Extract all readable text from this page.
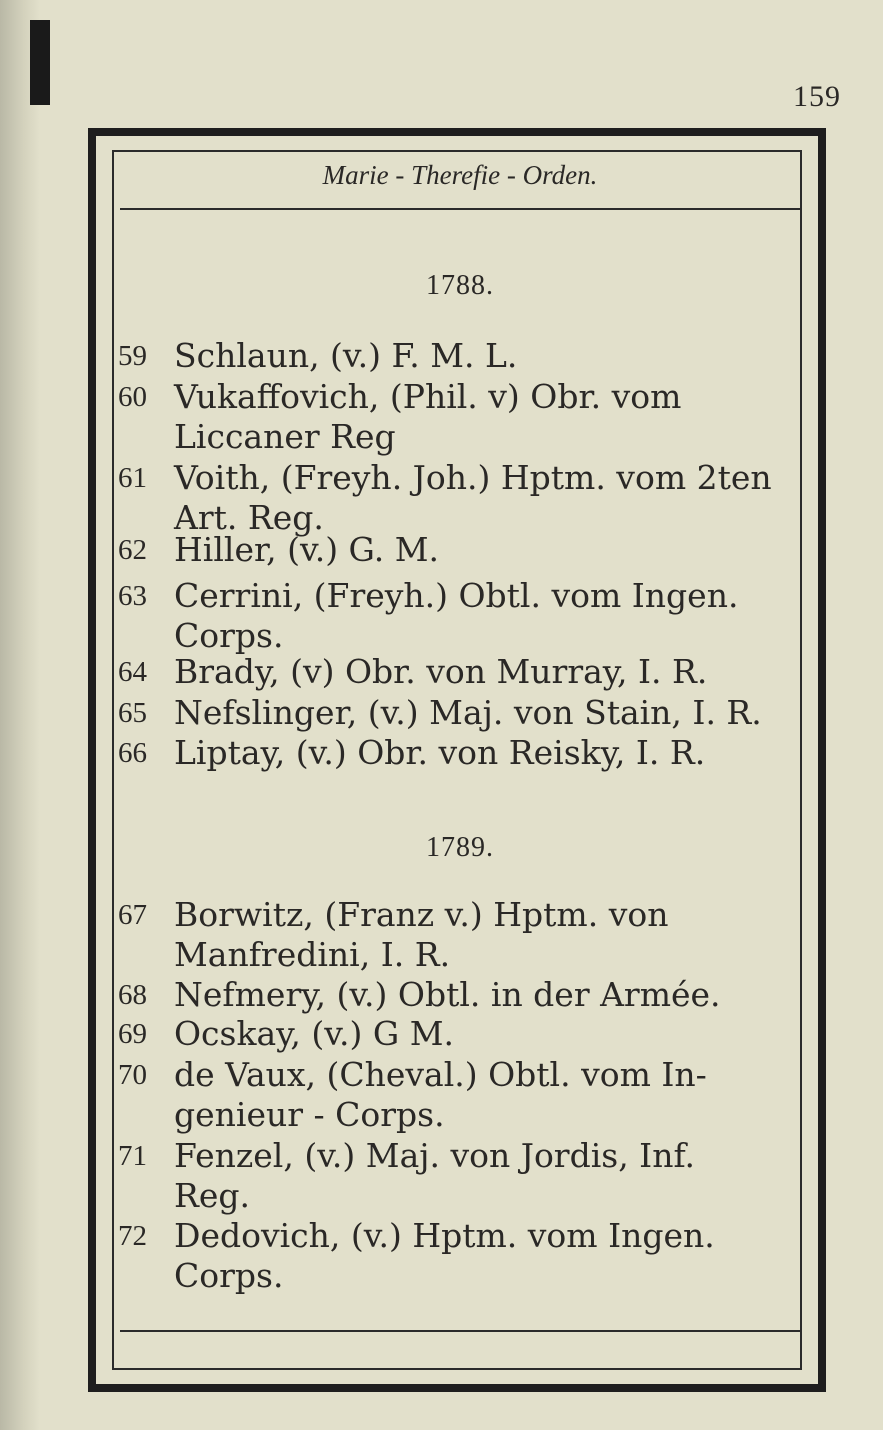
159
Marie - Therefie - Orden.
1788.
59 Schlaun, (v.) F. M. L.
60 Vukaffovich, (Phil. v) Obr. vom
Liccaner Reg
61 Voith, (Freyh. Joh.) Hptm. vom 2ten
Art. Reg.
62 Hiller, (v.) G. M.
63 Cerrini, (Freyh.) Obtl. vom Ingen.
Corps.
64 Brady, (v) Obr. von Murray, I. R.
65 Nefslinger, (v.) Maj. von Stain, I. R.
66 Liptay, (v.) Obr. von Reisky, I. R.
1789.
67 Borwitz, (Franz v.) Hptm. von
Manfredini, I. R.
68 Nefmery, (v.) Obtl. in der Armée.
69 Ocskay, (v.) G M.
70 de Vaux, (Cheval.) Obtl. vom In-
genieur - Corps.
71 Fenzel, (v.) Maj. von Jordis, Inf.
Reg.
72 Dedovich, (v.) Hptm. vom Ingen.
Corps.
